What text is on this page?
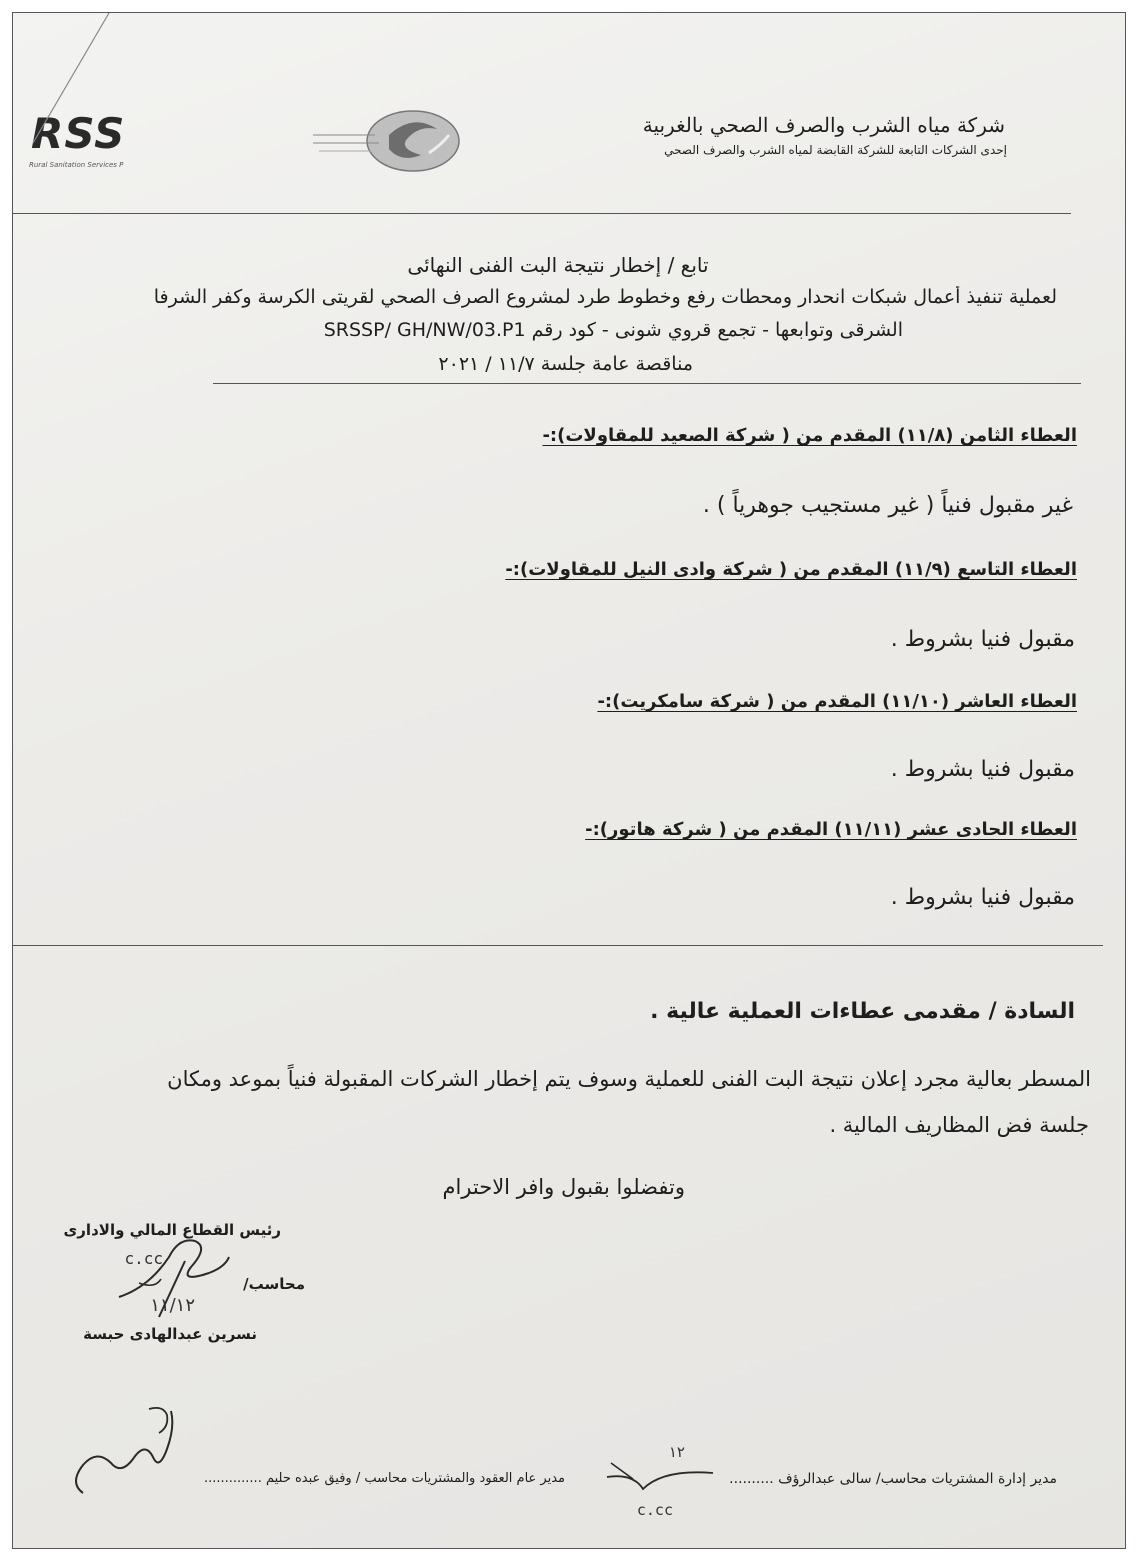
RSS
Rural Sanitation Services P
شركة مياه الشرب والصرف الصحي بالغربية
إحدى الشركات التابعة للشركة القابضة لمياه الشرب والصرف الصحي
تابع / إخطار نتيجة البت الفنى النهائى
لعملية تنفيذ أعمال شبكات انحدار ومحطات رفع وخطوط طرد لمشروع الصرف الصحي لقريتى الكرسة وكفر الشرفا
الشرقى وتوابعها - تجمع قروي شونى - كود رقم SRSSP/ GH/NW/03.P1
مناقصة عامة جلسة ١١/٧ / ٢٠٢١
العطاء الثامن (١١/٨) المقدم من ( شركة الصعيد للمقاولات):-
غير مقبول فنياً ( غير مستجيب جوهرياً ) .
العطاء التاسع (١١/٩) المقدم من ( شركة وادى النيل للمقاولات):-
مقبول فنيا بشروط .
العطاء العاشر (١١/١٠) المقدم من ( شركة سامكريت):-
مقبول فنيا بشروط .
العطاء الحادى عشر (١١/١١) المقدم من ( شركة هاتور):-
مقبول فنيا بشروط .
السادة / مقدمى عطاءات العملية عالية .
المسطر بعالية مجرد إعلان نتيجة البت الفنى للعملية وسوف يتم إخطار الشركات المقبولة فنياً بموعد ومكان
جلسة فض المظاريف المالية .
وتفضلوا بقبول وافر الاحترام
رئيس القطاع المالي والادارى
c.cc
محاسب/
١١/١٢
نسرين عبدالهادى حبسة
مدير عام العقود والمشتريات محاسب / وفيق عبده حليم ..............
١٢
c.cc
مدير إدارة المشتريات محاسب/ سالى عبدالرؤف ..........
